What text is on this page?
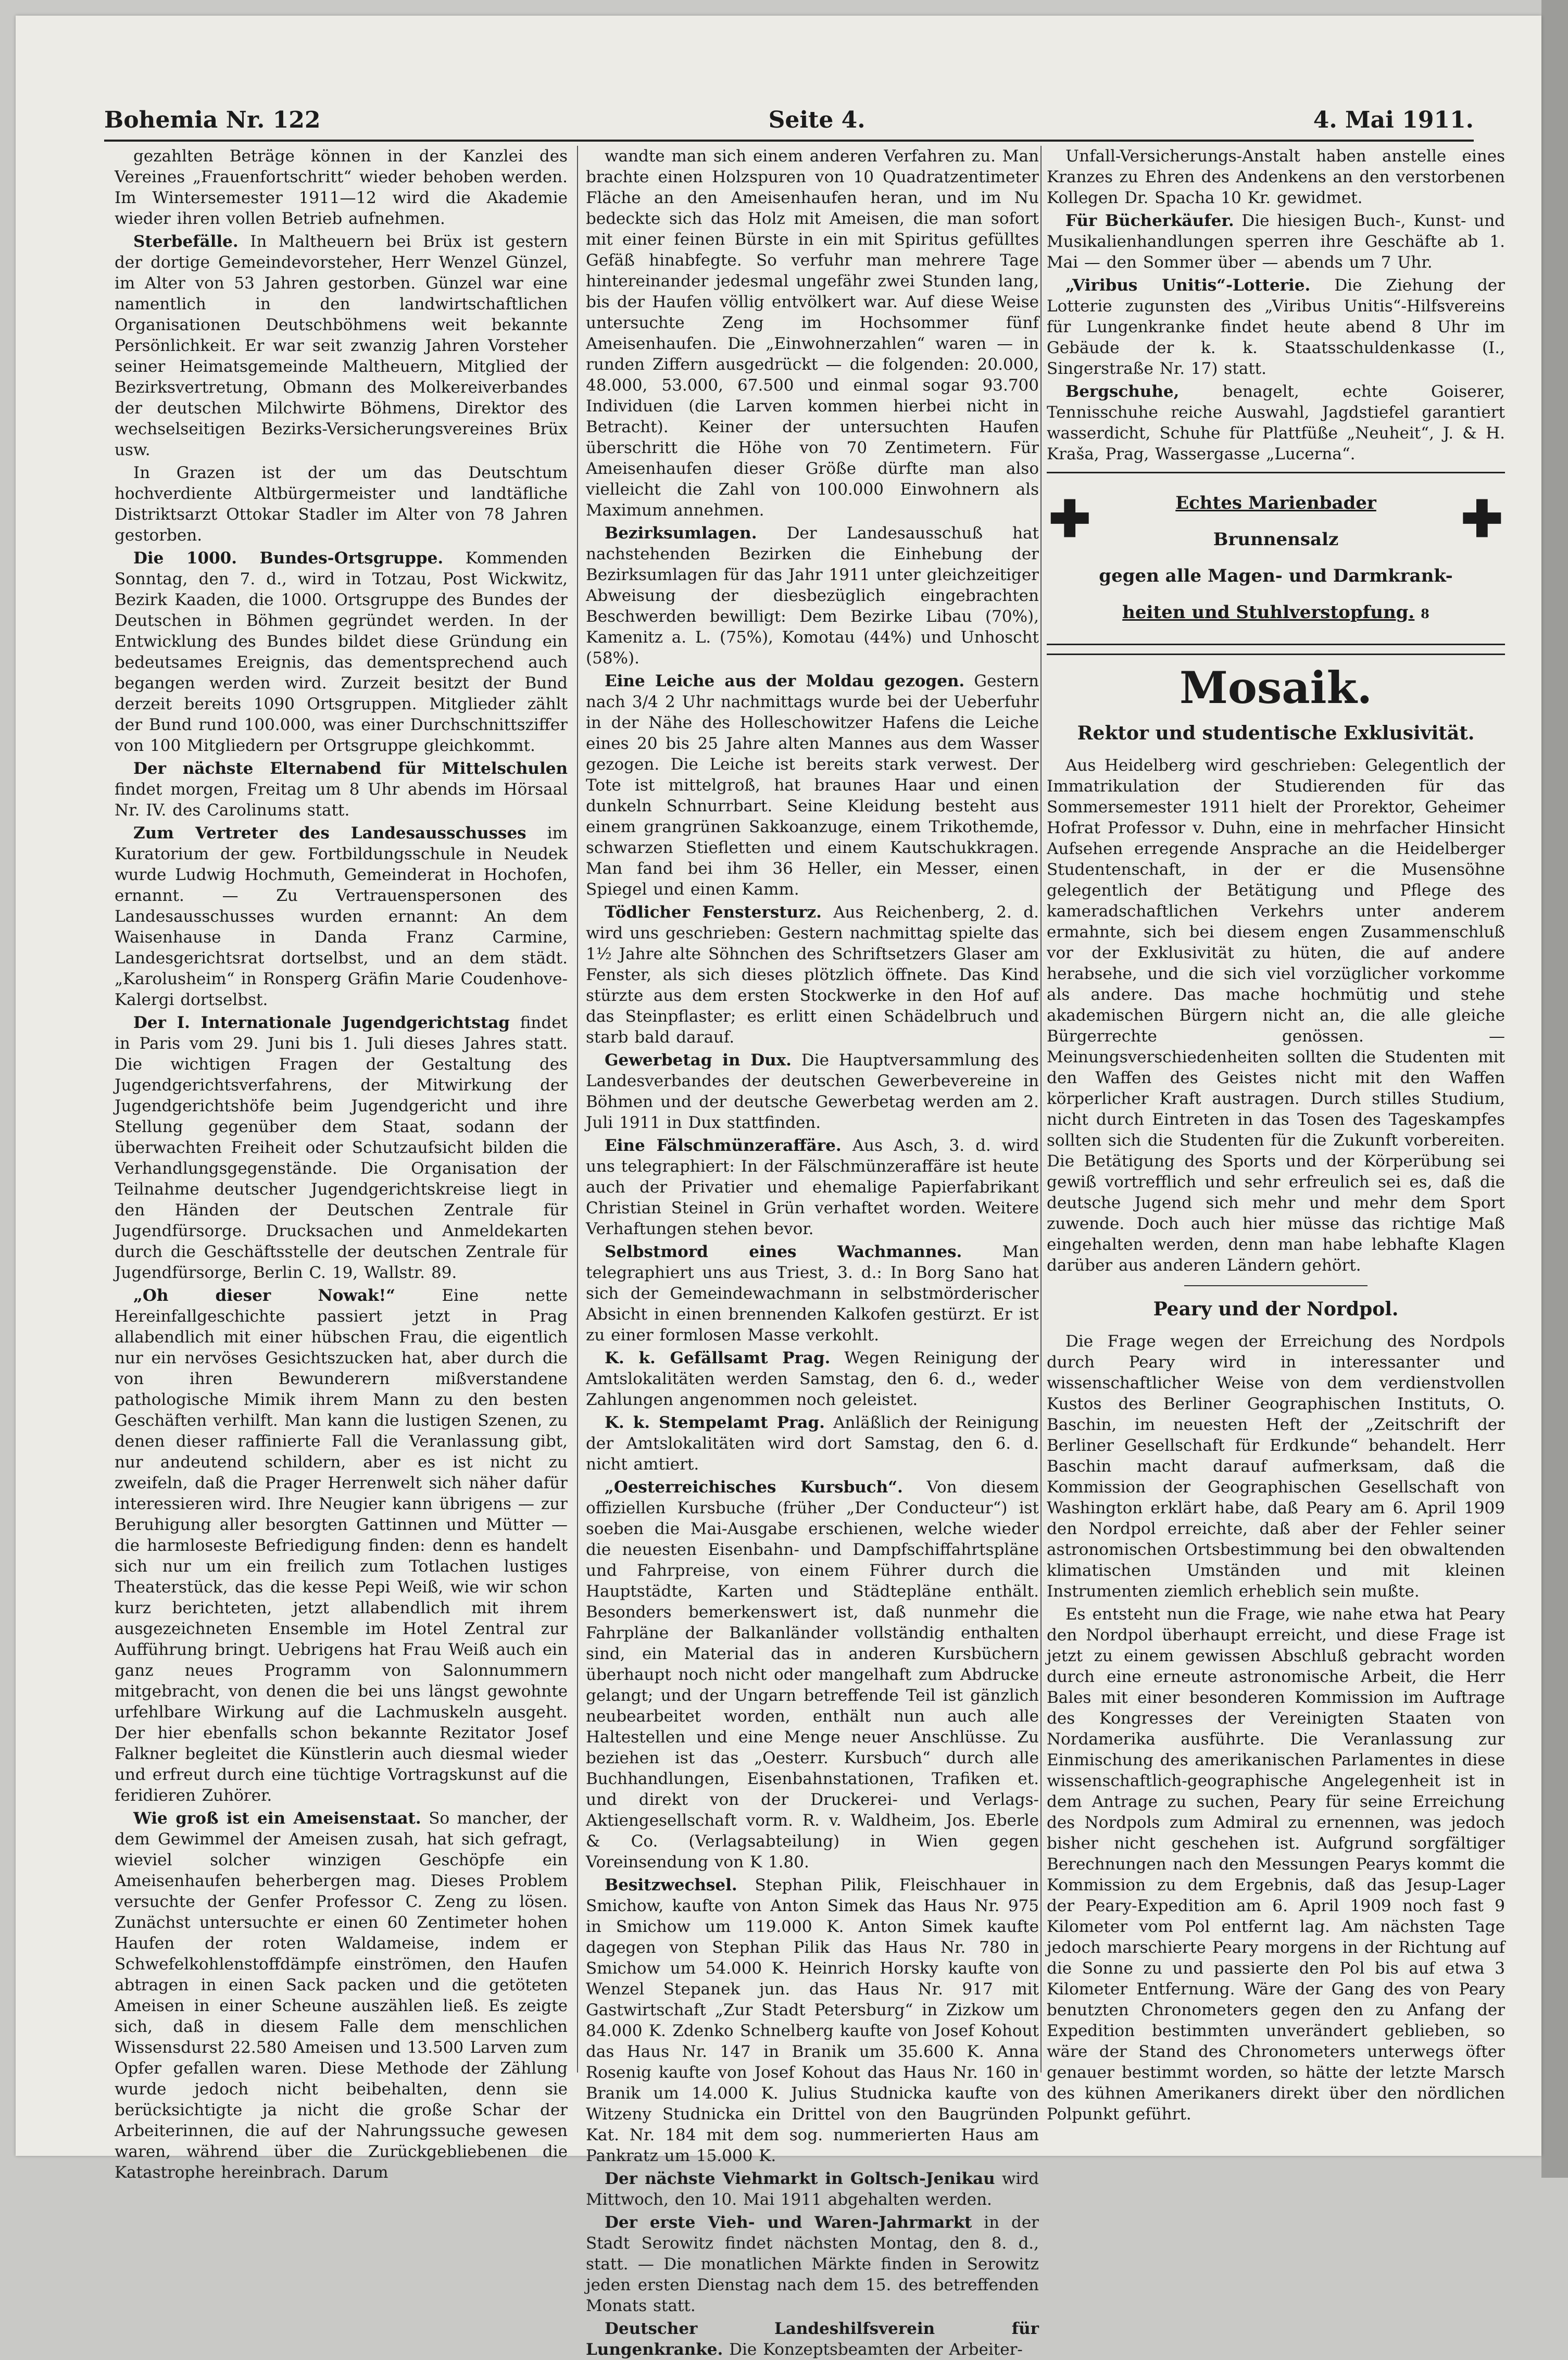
Bohemia Nr. 122	Seite 4.	4. Mai 1911.

gezahlten Beträge können in der Kanzlei des Vereines „Frauenfortschritt“ wieder behoben werden. Im Wintersemester 1911—12 wird die Akademie wieder ihren vollen Betrieb aufnehmen.

Sterbefälle. In Maltheuern bei Brüx ist gestern der dortige Gemeindevorsteher, Herr Wenzel Günzel, im Alter von 53 Jahren gestorben. Günzel war eine namentlich in den landwirtschaftlichen Organisationen Deutschböhmens weit bekannte Persönlichkeit. Er war seit zwanzig Jahren Vorsteher seiner Heimatsgemeinde Maltheuern, Mitglied der Bezirksvertretung, Obmann des Molkereiverbandes der deutschen Milchwirte Böhmens, Direktor des wechselseitigen Bezirks-Versicherungsvereines Brüx usw.

In Grazen ist der um das Deutschtum hochverdiente Altbürgermeister und landtäfliche Distriktsarzt Ottokar Stadler im Alter von 78 Jahren gestorben.

Die 1000. Bundes-Ortsgruppe. Kommenden Sonntag, den 7. d., wird in Totzau, Post Wickwitz, Bezirk Kaaden, die 1000. Ortsgruppe des Bundes der Deutschen in Böhmen gegründet werden. In der Entwicklung des Bundes bildet diese Gründung ein bedeutsames Ereignis, das dementsprechend auch begangen werden wird. Zurzeit besitzt der Bund derzeit bereits 1090 Ortsgruppen. Mitglieder zählt der Bund rund 100.000, was einer Durchschnittsziffer von 100 Mitgliedern per Ortsgruppe gleichkommt.

Der nächste Elternabend für Mittelschulen findet morgen, Freitag um 8 Uhr abends im Hörsaal Nr. IV. des Carolinums statt.

Zum Vertreter des Landesausschusses im Kuratorium der gew. Fortbildungsschule in Neudek wurde Ludwig Hochmuth, Gemeinderat in Hochofen, ernannt. — Zu Vertrauenspersonen des Landesausschusses wurden ernannt: An dem Waisenhause in Danda Franz Carmine, Landesgerichtsrat dortselbst, und an dem städt. „Karolusheim“ in Ronsperg Gräfin Marie Coudenhove-Kalergi dortselbst.

Der I. Internationale Jugendgerichtstag findet in Paris vom 29. Juni bis 1. Juli dieses Jahres statt. Die wichtigen Fragen der Gestaltung des Jugendgerichtsverfahrens, der Mitwirkung der Jugendgerichtshöfe beim Jugendgericht und ihre Stellung gegenüber dem Staat, sodann der überwachten Freiheit oder Schutzaufsicht bilden die Verhandlungsgegenstände. Die Organisation der Teilnahme deutscher Jugendgerichtskreise liegt in den Händen der Deutschen Zentrale für Jugendfürsorge. Drucksachen und Anmeldekarten durch die Geschäftsstelle der deutschen Zentrale für Jugendfürsorge, Berlin C. 19, Wallstr. 89.

„Oh dieser Nowak!“	Eine nette Hereinfallgeschichte passiert jetzt in Prag allabendlich mit einer hübschen Frau, die eigentlich nur ein nervöses Gesichtszucken hat, aber durch die von ihren Bewunderern mißverstandene pathologische Mimik ihrem Mann zu den besten Geschäften verhilft. Man kann die lustigen Szenen, zu denen dieser raffinierte Fall die Veranlassung gibt, nur andeutend schildern, aber es ist nicht zu zweifeln, daß die Prager Herrenwelt sich näher dafür interessieren wird. Ihre Neugier kann übrigens — zur Beruhigung aller besorgten Gattinnen und Mütter — die harmloseste Befriedigung finden: denn es handelt sich nur um ein freilich zum Totlachen lustiges Theaterstück, das die kesse Pepi Weiß, wie wir schon kurz berichteten, jetzt allabendlich mit ihrem ausgezeichneten Ensemble im Hotel Zentral zur Aufführung bringt. Uebrigens hat Frau Weiß auch ein ganz neues Programm von Salonnummern mitgebracht, von denen die bei uns längst gewohnte urfehlbare Wirkung auf die Lachmuskeln ausgeht. Der hier ebenfalls schon bekannte Rezitator Josef Falkner begleitet die Künstlerin auch diesmal wieder und erfreut durch eine tüchtige Vortragskunst auf die feridieren Zuhörer.

Wie groß ist ein Ameisenstaat. So mancher, der dem Gewimmel der Ameisen zusah, hat sich gefragt, wieviel solcher winzigen Geschöpfe ein Ameisenhaufen beherbergen mag. Dieses Problem versuchte der Genfer Professor C. Zeng zu lösen. Zunächst untersuchte er einen 60 Zentimeter hohen Haufen der roten Waldameise, indem er Schwefelkohlenstoffdämpfe einströmen, den Haufen abtragen in einen Sack packen und die getöteten Ameisen in einer Scheune auszählen ließ. Es zeigte sich, daß in diesem Falle dem menschlichen Wissensdurst 22.580 Ameisen und 13.500 Larven zum Opfer gefallen waren. Diese Methode der Zählung wurde jedoch nicht beibehalten, denn sie berücksichtigte ja nicht die große Schar der Arbeiterinnen, die auf der Nahrungssuche gewesen waren, während über die Zurückgebliebenen die Katastrophe hereinbrach. Darum

wandte man sich einem anderen Verfahren zu. Man brachte einen Holzspuren von 10 Quadratzentimeter Fläche an den Ameisenhaufen heran, und im Nu bedeckte sich das Holz mit Ameisen, die man sofort mit einer feinen Bürste in ein mit Spiritus gefülltes Gefäß hinabfegte. So verfuhr man mehrere Tage hintereinander jedesmal ungefähr zwei Stunden lang, bis der Haufen völlig entvölkert war. Auf diese Weise untersuchte Zeng im Hochsommer fünf Ameisenhaufen. Die „Einwohnerzahlen“ waren — in runden Ziffern ausgedrückt — die folgenden: 20.000, 48.000, 53.000, 67.500 und einmal sogar 93.700 Individuen (die Larven kommen hierbei nicht in Betracht). Keiner der untersuchten Haufen überschritt die Höhe von 70 Zentimetern. Für Ameisenhaufen dieser Größe dürfte man also vielleicht die Zahl von 100.000 Einwohnern als Maximum annehmen.

Bezirksumlagen. Der Landesausschuß hat nachstehenden Bezirken die Einhebung der Bezirksumlagen für das Jahr 1911 unter gleichzeitiger Abweisung der diesbezüglich eingebrachten Beschwerden bewilligt: Dem Bezirke Libau (70%), Kamenitz a. L. (75%), Komotau (44%) und Unhoscht (58%).

Eine Leiche aus der Moldau gezogen. Gestern nach 3/4 2 Uhr nachmittags wurde bei der Ueberfuhr in der Nähe des Holleschowitzer Hafens die Leiche eines 20 bis 25 Jahre alten Mannes aus dem Wasser gezogen. Die Leiche ist bereits stark verwest. Der Tote ist mittelgroß, hat braunes Haar und einen dunkeln Schnurrbart. Seine Kleidung besteht aus einem grangrünen Sakkoanzuge, einem Trikothemde, schwarzen Stiefletten und einem Kautschukkragen. Man fand bei ihm 36 Heller, ein Messer, einen Spiegel und einen Kamm.

Tödlicher Fenstersturz. Aus Reichenberg, 2. d. wird uns geschrieben: Gestern nachmittag spielte das 1½ Jahre alte Söhnchen des Schriftsetzers Glaser am Fenster, als sich dieses plötzlich öffnete. Das Kind stürzte aus dem ersten Stockwerke in den Hof auf das Steinpflaster; es erlitt einen Schädelbruch und starb bald darauf.

Gewerbetag in Dux. Die Hauptversammlung des Landesverbandes der deutschen Gewerbevereine in Böhmen und der deutsche Gewerbetag werden am 2. Juli 1911 in Dux stattfinden.

Eine Fälschmünzeraffäre. Aus Asch, 3. d. wird uns telegraphiert: In der Fälschmünzeraffäre ist heute auch der Privatier und ehemalige Papierfabrikant Christian Steinel in Grün verhaftet worden. Weitere Verhaftungen stehen bevor.

Selbstmord eines Wachmannes. Man telegraphiert uns aus Triest, 3. d.: In Borg Sano hat sich der Gemeindewachmann in selbstmörderischer Absicht in einen brennenden Kalkofen gestürzt. Er ist zu einer formlosen Masse verkohlt.

K. k. Gefällsamt Prag. Wegen Reinigung der Amtslokalitäten werden Samstag, den 6. d., weder Zahlungen angenommen noch geleistet.

K. k. Stempelamt Prag. Anläßlich der Reinigung der Amtslokalitäten wird dort Samstag, den 6. d. nicht amtiert.

„Oesterreichisches Kursbuch“. Von diesem offiziellen Kursbuche (früher „Der Conducteur“) ist soeben die Mai-Ausgabe erschienen, welche wieder die neuesten Eisenbahn- und Dampfschiffahrtspläne und Fahrpreise, von einem Führer durch die Hauptstädte, Karten und Städtepläne enthält. Besonders bemerkenswert ist, daß nunmehr die Fahrpläne der Balkanländer vollständig enthalten sind, ein Material das in anderen Kursbüchern überhaupt noch nicht oder mangelhaft zum Abdrucke gelangt; und der Ungarn betreffende Teil ist gänzlich neubearbeitet worden, enthält nun auch alle Haltestellen und eine Menge neuer Anschlüsse. Zu beziehen ist das „Oesterr. Kursbuch“ durch alle Buchhandlungen, Eisenbahnstationen, Trafiken et. und direkt von der Druckerei- und Verlags-Aktiengesellschaft vorm. R. v. Waldheim, Jos. Eberle & Co. (Verlagsabteilung) in Wien gegen Voreinsendung von K 1.80.

Besitzwechsel. Stephan Pilik, Fleischhauer in Smichow, kaufte von Anton Simek das Haus Nr. 975 in Smichow um 119.000 K. Anton Simek kaufte dagegen von Stephan Pilik das Haus Nr. 780 in Smichow um 54.000 K. Heinrich Horsky kaufte von Wenzel Stepanek jun. das Haus Nr. 917 mit Gastwirtschaft „Zur Stadt Petersburg“ in Zizkow um 84.000 K. Zdenko Schnelberg kaufte von Josef Kohout das Haus Nr. 147 in Branik um 35.600 K. Anna Rosenig kaufte von Josef Kohout das Haus Nr. 160 in Branik um 14.000 K. Julius Studnicka kaufte von Witzeny Studnicka ein Drittel von den Baugründen Kat. Nr. 184 mit dem sog. nummerierten Haus am Pankratz um 15.000 K.

Der nächste Viehmarkt in Goltsch-Jenikau wird Mittwoch, den 10. Mai 1911 abgehalten werden.

Der erste Vieh- und Waren-Jahrmarkt in der Stadt Serowitz findet nächsten Montag, den 8. d., statt. — Die monatlichen Märkte finden in Serowitz jeden ersten Dienstag nach dem 15. des betreffenden Monats statt.

Deutscher Landeshilfsverein für Lungenkranke. Die Konzeptsbeamten der Arbeiter-

Unfall-Versicherungs-Anstalt haben anstelle eines Kranzes zu Ehren des Andenkens an den verstorbenen Kollegen Dr. Spacha 10 Kr. gewidmet.

Für Bücherkäufer. Die hiesigen Buch-, Kunst- und Musikalienhandlungen sperren ihre Geschäfte ab 1. Mai — den Sommer über — abends um 7 Uhr.

„Viribus Unitis“-Lotterie. Die Ziehung der Lotterie zugunsten des „Viribus Unitis“-Hilfsvereins für Lungenkranke findet heute abend 8 Uhr im Gebäude der k. k. Staatsschuldenkasse (I., Singerstraße Nr. 17) statt.

Bergschuhe,	benagelt, echte Goiserer, Tennisschuhe reiche Auswahl, Jagdstiefel garantiert wasserdicht, Schuhe für Plattfüße „Neuheit“, J. & H. Kraša, Prag, Wassergasse „Lucerna“.

✚	✚
Echtes Marienbader
Brunnensalz
gegen alle Magen- und Darmkrank-
heiten und Stuhlverstopfung. 8
Mosaik.
Rektor und studentische Exklusivität.

Aus Heidelberg wird geschrieben: Gelegentlich der Immatrikulation der Studierenden für das Sommersemester 1911 hielt der Prorektor, Geheimer Hofrat Professor v. Duhn, eine in mehrfacher Hinsicht Aufsehen erregende Ansprache an die Heidelberger Studentenschaft, in der er die Musensöhne gelegentlich der Betätigung und Pflege des kameradschaftlichen Verkehrs unter anderem ermahnte, sich bei diesem engen Zusammenschluß vor der Exklusivität zu hüten, die auf andere herabsehe, und die sich viel vorzüglicher vorkomme als andere. Das mache hochmütig und stehe akademischen Bürgern nicht an, die alle gleiche Bürgerrechte genössen. — Meinungsverschiedenheiten sollten die Studenten mit den Waffen des Geistes nicht mit den Waffen körperlicher Kraft austragen. Durch stilles Studium, nicht durch Eintreten in das Tosen des Tageskampfes sollten sich die Studenten für die Zukunft vorbereiten. Die Betätigung des Sports und der Körperübung sei gewiß vortrefflich und sehr erfreulich sei es, daß die deutsche Jugend sich mehr und mehr dem Sport zuwende. Doch auch hier müsse das richtige Maß eingehalten werden, denn man habe lebhafte Klagen darüber aus anderen Ländern gehört.

Peary und der Nordpol.

Die Frage wegen der Erreichung des Nordpols durch Peary wird in interessanter und wissenschaftlicher Weise von dem verdienstvollen Kustos des Berliner Geographischen Instituts, O. Baschin, im neuesten Heft der „Zeitschrift der Berliner Gesellschaft für Erdkunde“ behandelt. Herr Baschin macht darauf aufmerksam, daß die Kommission der Geographischen Gesellschaft von Washington erklärt habe, daß Peary am 6. April 1909 den Nordpol erreichte, daß aber der Fehler seiner astronomischen Ortsbestimmung bei den obwaltenden klimatischen Umständen und mit kleinen Instrumenten ziemlich erheblich sein mußte.

Es entsteht nun die Frage, wie nahe etwa hat Peary den Nordpol überhaupt erreicht, und diese Frage ist jetzt zu einem gewissen Abschluß gebracht worden durch eine erneute astronomische Arbeit, die Herr Bales mit einer besonderen Kommission im Auftrage des Kongresses der Vereinigten Staaten von Nordamerika ausführte. Die Veranlassung zur Einmischung des amerikanischen Parlamentes in diese wissenschaftlich-geographische Angelegenheit ist in dem Antrage zu suchen, Peary für seine Erreichung des Nordpols zum Admiral zu ernennen, was jedoch bisher nicht geschehen ist. Aufgrund sorgfältiger Berechnungen nach den Messungen Pearys kommt die Kommission zu dem Ergebnis, daß das Jesup-Lager der Peary-Expedition am 6. April 1909 noch fast 9 Kilometer vom Pol entfernt lag. Am nächsten Tage jedoch marschierte Peary morgens in der Richtung auf die Sonne zu und passierte den Pol bis auf etwa 3 Kilometer Entfernung. Wäre der Gang des von Peary benutzten Chronometers gegen den zu Anfang der Expedition bestimmten unverändert geblieben, so wäre der Stand des Chronometers unterwegs öfter genauer bestimmt worden, so hätte der letzte Marsch des kühnen Amerikaners direkt über den nördlichen Polpunkt geführt.
